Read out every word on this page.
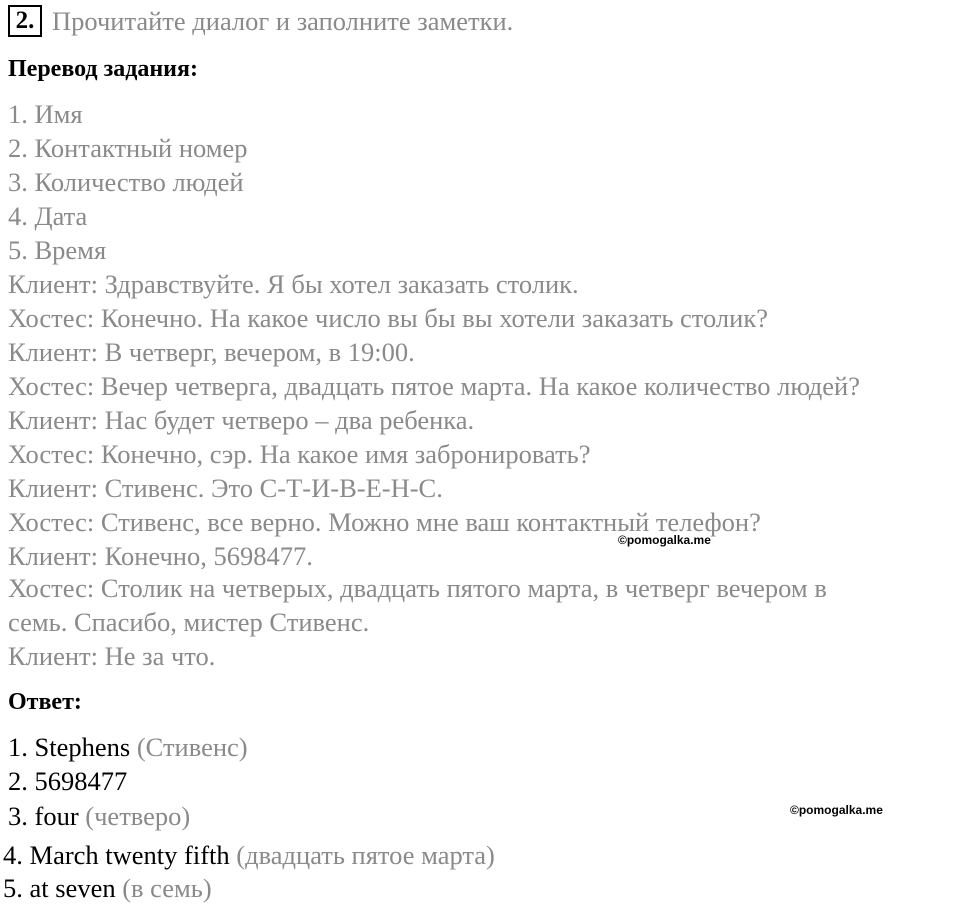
2. Прочитайте диалог и заполните заметки.
Перевод задания:
1. Имя
2. Контактный номер
3. Количество людей
4. Дата
5. Время
Клиент: Здравствуйте. Я бы хотел заказать столик.
Хостес: Конечно. На какое число вы бы вы хотели заказать столик?
Клиент: В четверг, вечером, в 19:00.
Хостес: Вечер четверга, двадцать пятое марта. На какое количество людей?
Клиент: Нас будет четверо – два ребенка.
Хостес: Конечно, сэр. На какое имя забронировать?
Клиент: Стивенс. Это С-Т-И-В-Е-Н-С.
Хостес: Стивенс, все верно. Можно мне ваш контактный телефон?
Клиент: Конечно, 5698477.
Хостес: Столик на четверых, двадцать пятого марта, в четверг вечером в
семь. Спасибо, мистер Стивенс.
Клиент: Не за что.
©pomogalka.me
Ответ:
1. Stephens (Стивенс)
2. 5698477
3. four (четверо)
4. March twenty fifth (двадцать пятое марта)
5. at seven (в семь)
©pomogalka.me
